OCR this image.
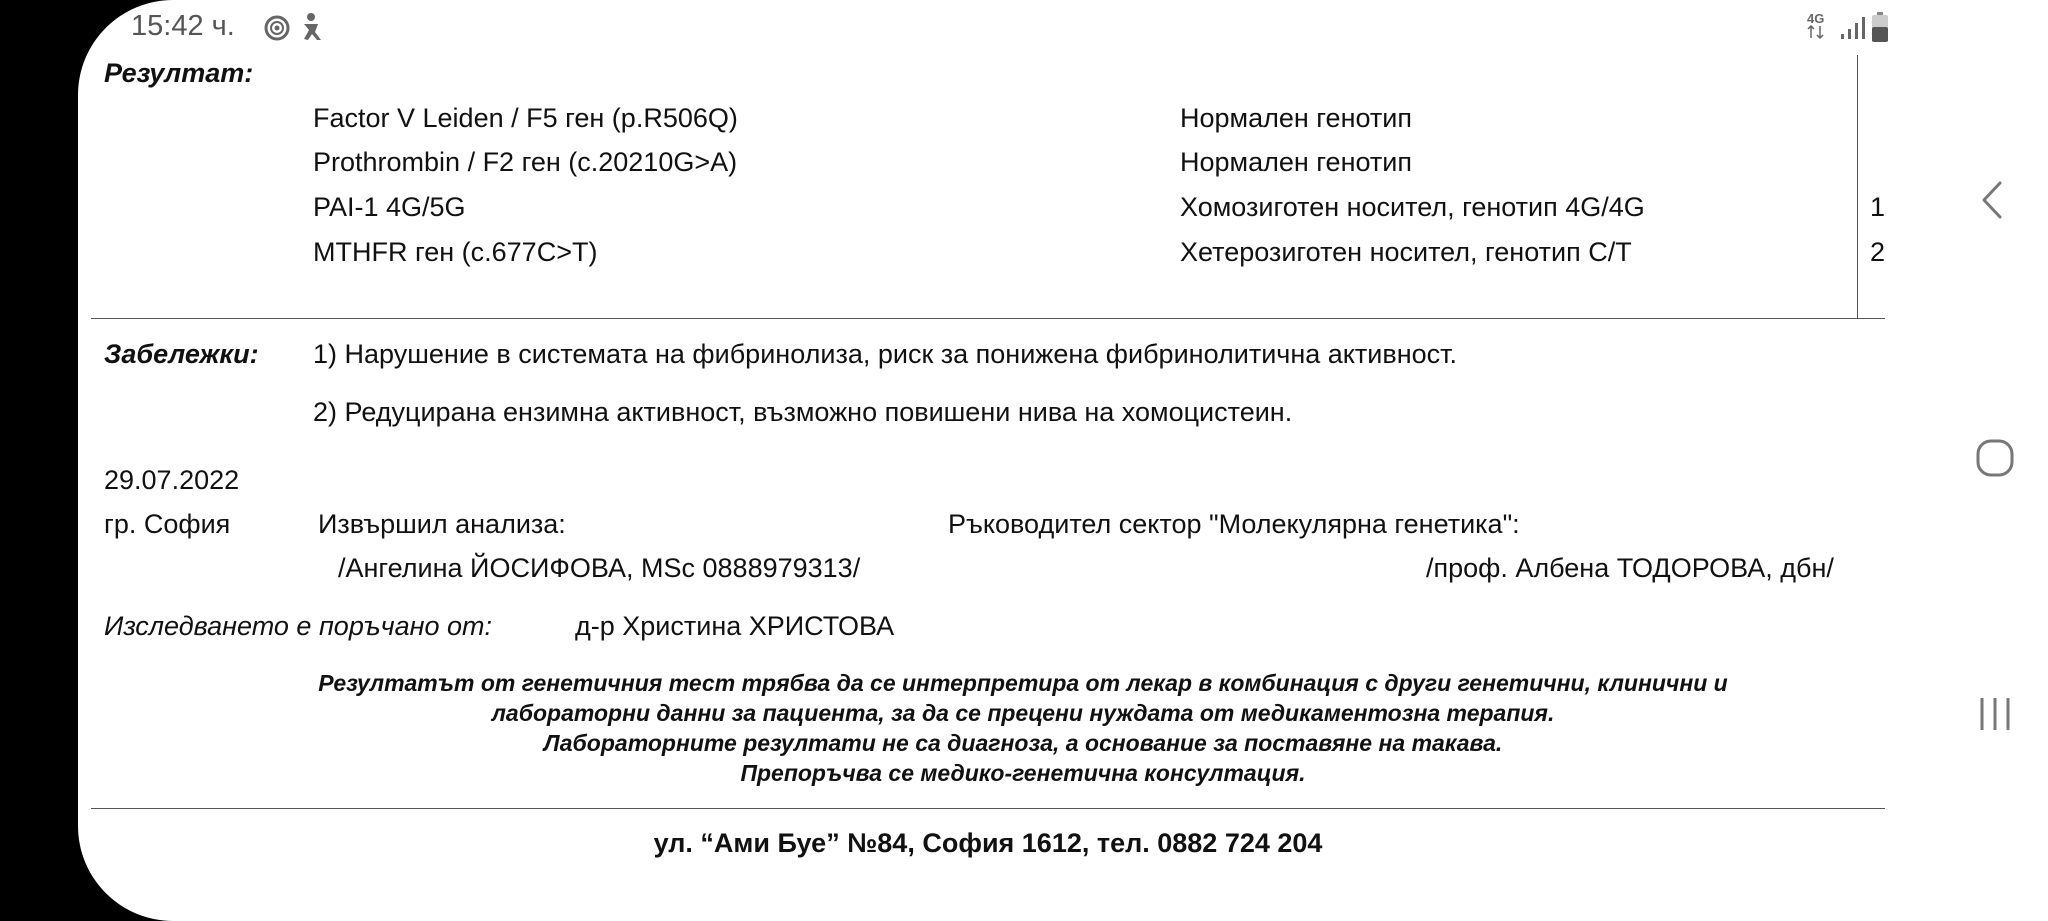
15:42 ч.	4G
Резултат:
Factor V Leiden / F5 ген (p.R506Q)	Нормален генотип
Prothrombin / F2 ген (c.20210G>A)	Нормален генотип
PAI-1 4G/5G	Хомозиготен носител, генотип 4G/4G	1
MTHFR ген (c.677C>T)	Хетерозиготен носител, генотип C/T	2
Забележки: 1) Нарушение в системата на фибринолиза, риск за понижена фибринолитична активност.
2) Редуцирана ензимна активност, възможно повишени нива на хомоцистеин.
29.07.2022
гр. София	Извършил анализа:	Ръководител сектор "Молекулярна генетика":
/Ангелина ЙОСИФОВА, MSc 0888979313/	/проф. Албена ТОДОРОВА, дбн/
Изследването е поръчано от:	д-р Христина ХРИСТОВА
Резултатът от генетичния тест трябва да се интерпретира от лекар в комбинация с други генетични, клинични и
лабораторни данни за пациента, за да се прецени нуждата от медикаментозна терапия.
Лабораторните резултати не са диагноза, а основание за поставяне на такава.
Препоръчва се медико-генетична консултация.
ул. “Ами Буе” №84, София 1612, тел. 0882 724 204
